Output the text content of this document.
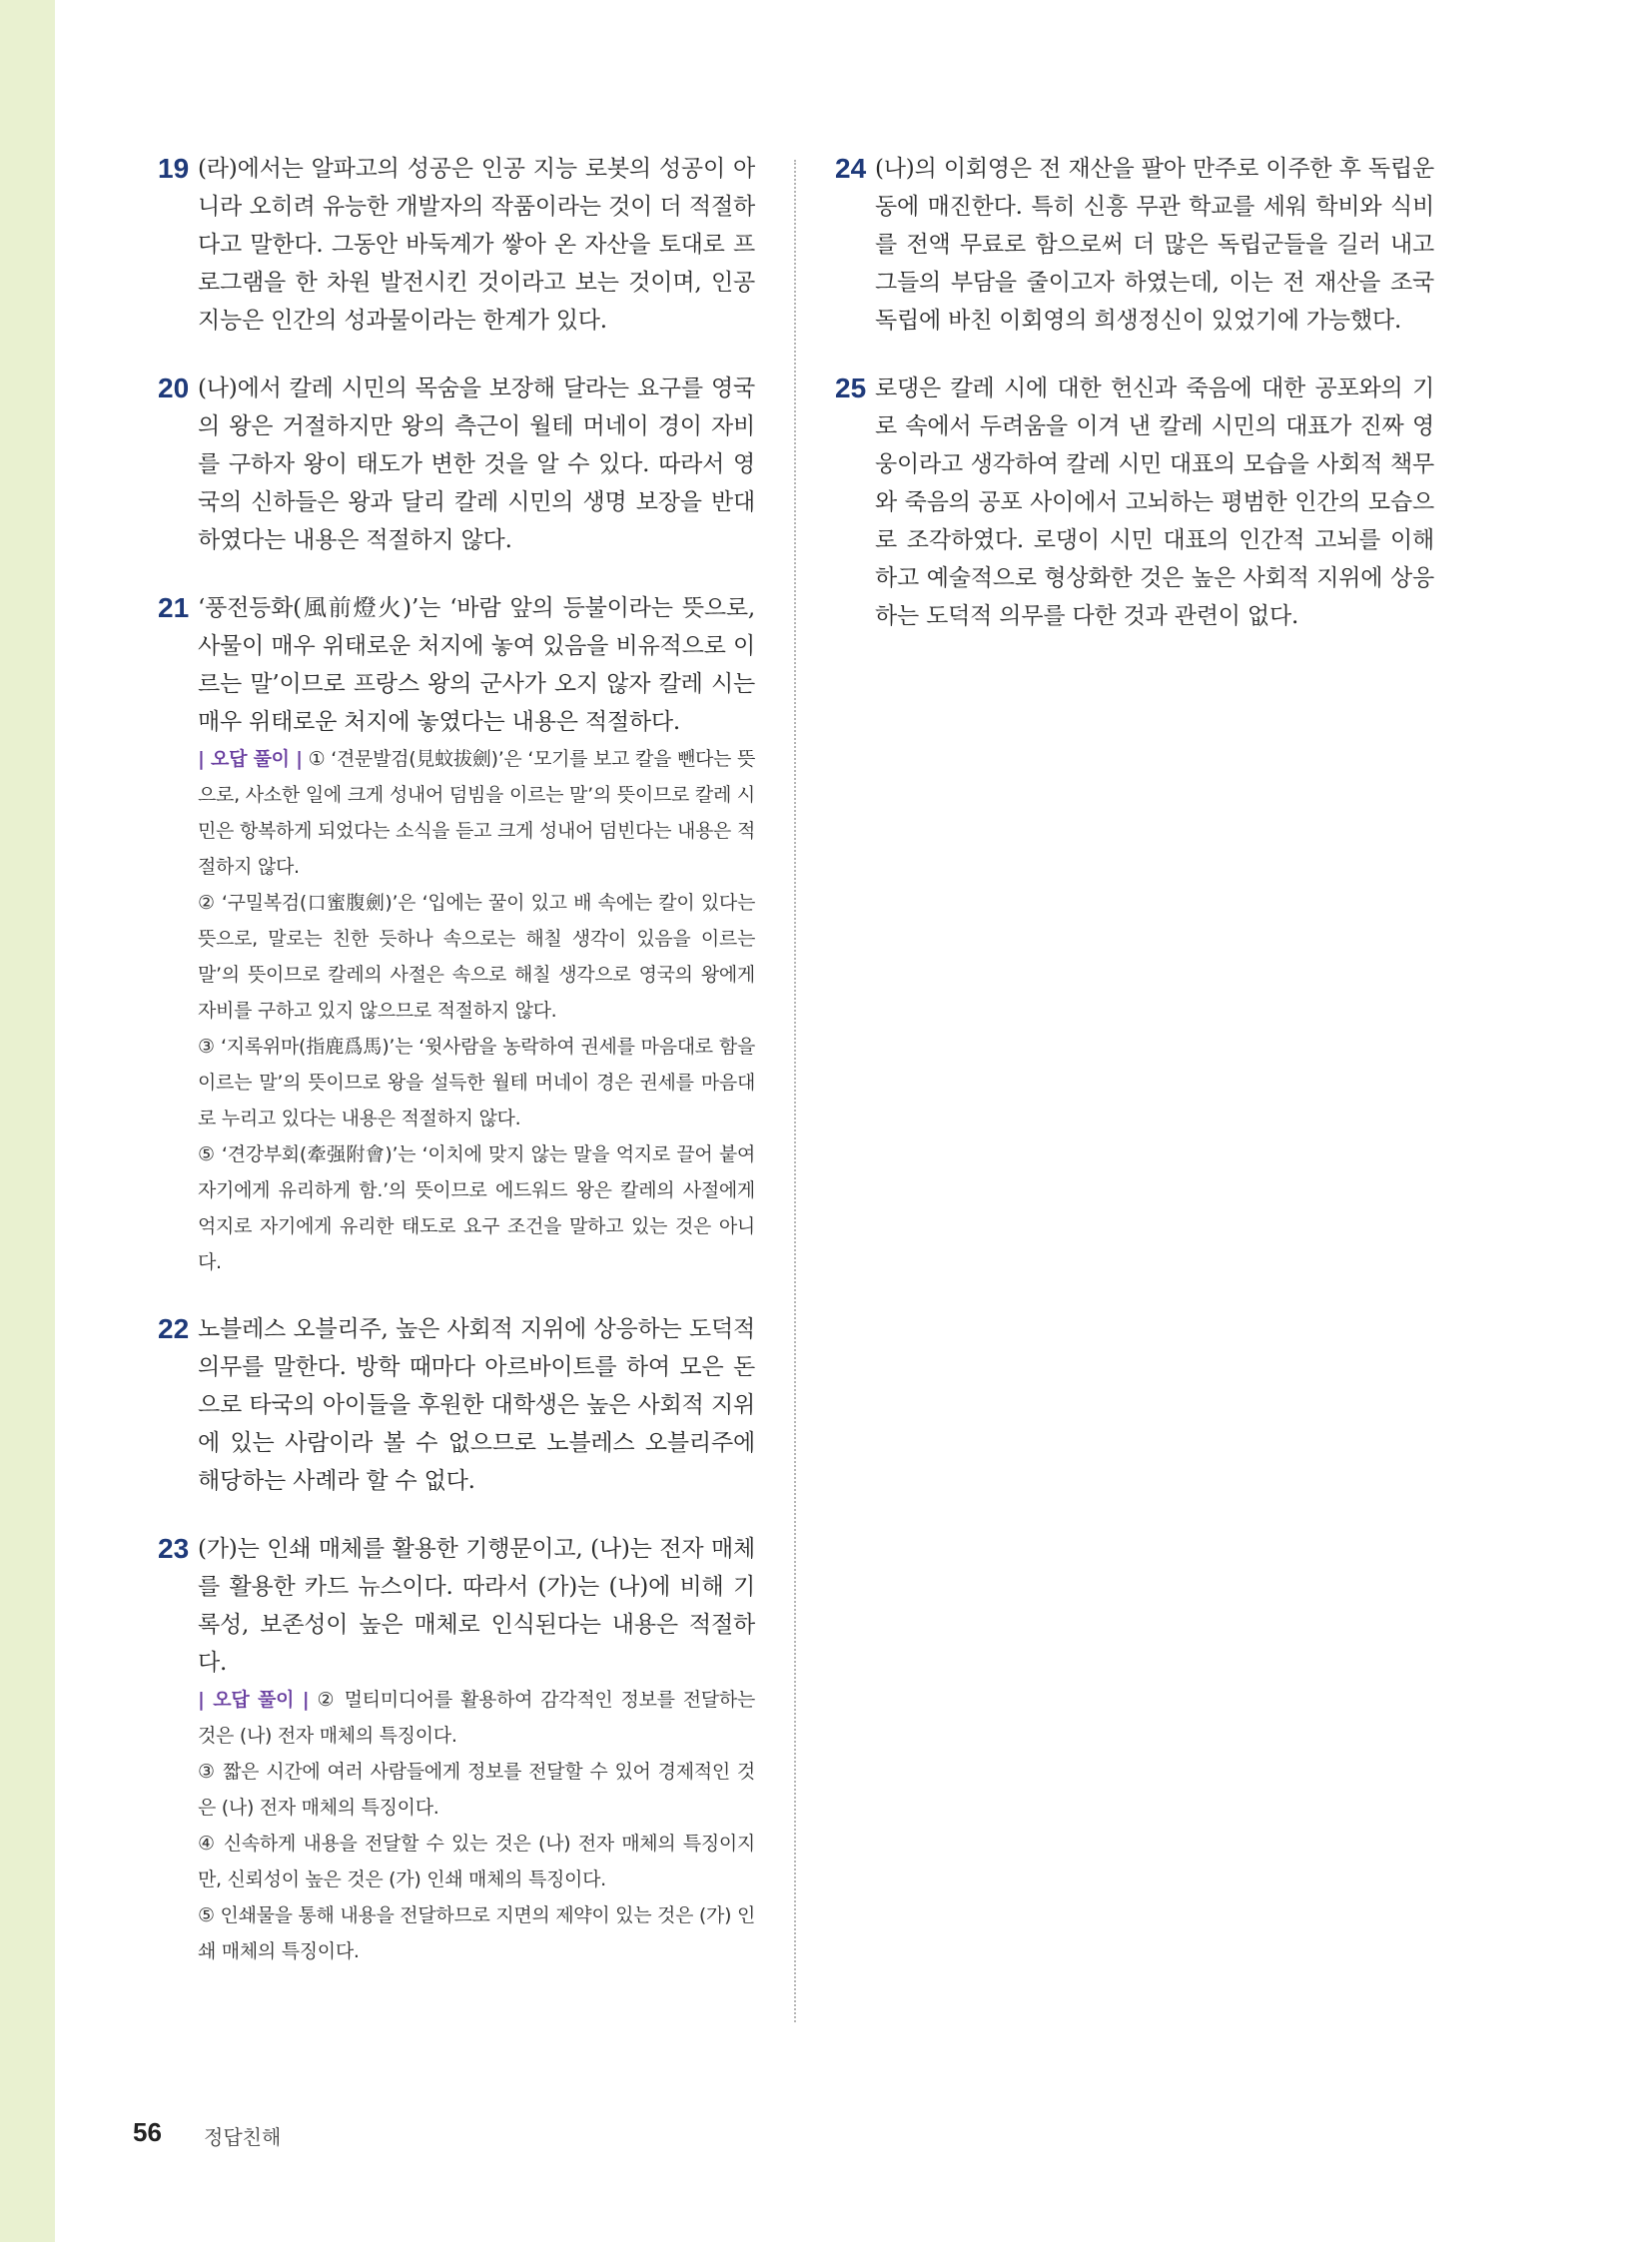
19 (라)에서는 알파고의 성공은 인공 지능 로봇의 성공이 아니라 오히려 유능한 개발자의 작품이라는 것이 더 적절하다고 말한다. 그동안 바둑계가 쌓아 온 자산을 토대로 프로그램을 한 차원 발전시킨 것이라고 보는 것이며, 인공 지능은 인간의 성과물이라는 한계가 있다.

20 (나)에서 칼레 시민의 목숨을 보장해 달라는 요구를 영국의 왕은 거절하지만 왕의 측근이 월테 머네이 경이 자비를 구하자 왕이 태도가 변한 것을 알 수 있다. 따라서 영국의 신하들은 왕과 달리 칼레 시민의 생명 보장을 반대하였다는 내용은 적절하지 않다.

21 ‘풍전등화(風前燈火)’는 ‘바람 앞의 등불이라는 뜻으로, 사물이 매우 위태로운 처지에 놓여 있음을 비유적으로 이르는 말’이므로 프랑스 왕의 군사가 오지 않자 칼레 시는 매우 위태로운 처지에 놓였다는 내용은 적절하다.

| 오답 풀이 | ① ‘견문발검(見蚊拔劍)’은 ‘모기를 보고 칼을 뺀다는 뜻으로, 사소한 일에 크게 성내어 덤빔을 이르는 말’의 뜻이므로 칼레 시민은 항복하게 되었다는 소식을 듣고 크게 성내어 덤빈다는 내용은 적절하지 않다.

② ‘구밀복검(口蜜腹劍)’은 ‘입에는 꿀이 있고 배 속에는 칼이 있다는 뜻으로, 말로는 친한 듯하나 속으로는 해칠 생각이 있음을 이르는 말’의 뜻이므로 칼레의 사절은 속으로 해칠 생각으로 영국의 왕에게 자비를 구하고 있지 않으므로 적절하지 않다.

③ ‘지록위마(指鹿爲馬)’는 ‘윗사람을 농락하여 권세를 마음대로 함을 이르는 말’의 뜻이므로 왕을 설득한 월테 머네이 경은 권세를 마음대로 누리고 있다는 내용은 적절하지 않다.

⑤ ‘견강부회(牽强附會)’는 ‘이치에 맞지 않는 말을 억지로 끌어 붙여 자기에게 유리하게 함.’의 뜻이므로 에드워드 왕은 칼레의 사절에게 억지로 자기에게 유리한 태도로 요구 조건을 말하고 있는 것은 아니다.

22 노블레스 오블리주, 높은 사회적 지위에 상응하는 도덕적 의무를 말한다. 방학 때마다 아르바이트를 하여 모은 돈으로 타국의 아이들을 후원한 대학생은 높은 사회적 지위에 있는 사람이라 볼 수 없으므로 노블레스 오블리주에 해당하는 사례라 할 수 없다.

23 (가)는 인쇄 매체를 활용한 기행문이고, (나)는 전자 매체를 활용한 카드 뉴스이다. 따라서 (가)는 (나)에 비해 기록성, 보존성이 높은 매체로 인식된다는 내용은 적절하다.

| 오답 풀이 | ② 멀티미디어를 활용하여 감각적인 정보를 전달하는 것은 (나) 전자 매체의 특징이다.

③ 짧은 시간에 여러 사람들에게 정보를 전달할 수 있어 경제적인 것은 (나) 전자 매체의 특징이다.

④ 신속하게 내용을 전달할 수 있는 것은 (나) 전자 매체의 특징이지만, 신뢰성이 높은 것은 (가) 인쇄 매체의 특징이다.

⑤ 인쇄물을 통해 내용을 전달하므로 지면의 제약이 있는 것은 (가) 인쇄 매체의 특징이다.

24 (나)의 이회영은 전 재산을 팔아 만주로 이주한 후 독립운동에 매진한다. 특히 신흥 무관 학교를 세워 학비와 식비를 전액 무료로 함으로써 더 많은 독립군들을 길러 내고 그들의 부담을 줄이고자 하였는데, 이는 전 재산을 조국 독립에 바친 이회영의 희생정신이 있었기에 가능했다.

25 로댕은 칼레 시에 대한 헌신과 죽음에 대한 공포와의 기로 속에서 두려움을 이겨 낸 칼레 시민의 대표가 진짜 영웅이라고 생각하여 칼레 시민 대표의 모습을 사회적 책무와 죽음의 공포 사이에서 고뇌하는 평범한 인간의 모습으로 조각하였다. 로댕이 시민 대표의 인간적 고뇌를 이해하고 예술적으로 형상화한 것은 높은 사회적 지위에 상응하는 도덕적 의무를 다한 것과 관련이 없다.

56 정답친해
